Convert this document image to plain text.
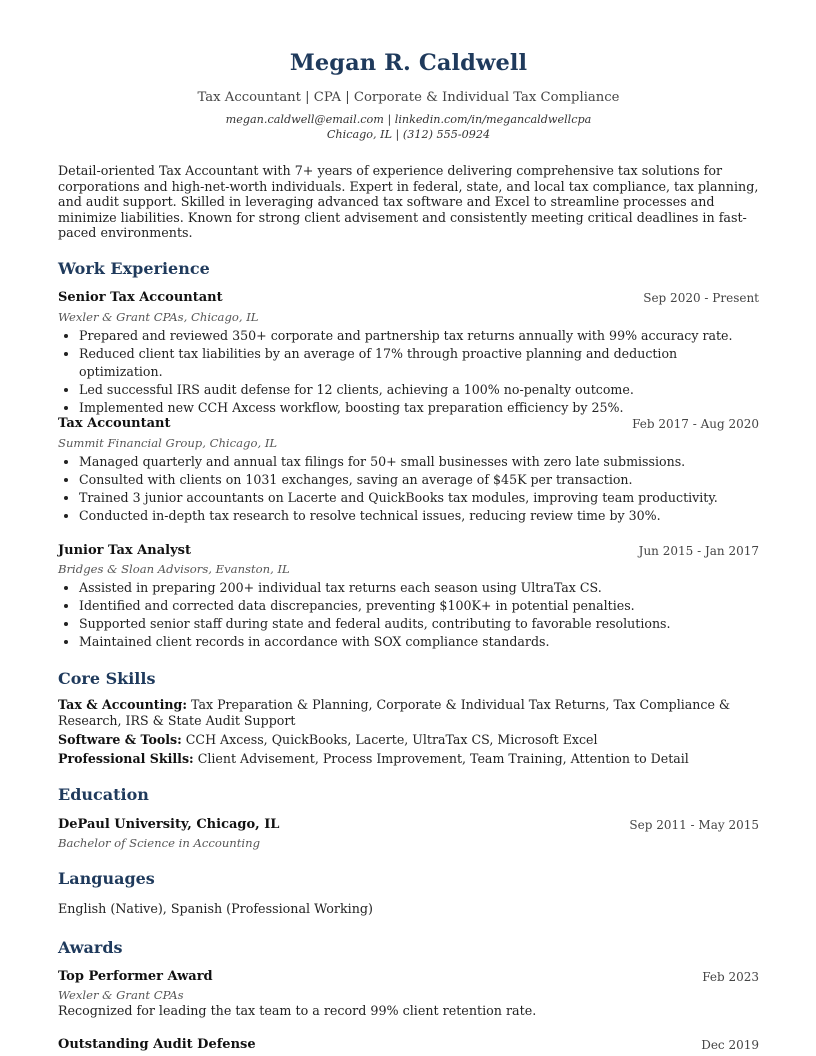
Megan R. Caldwell
Tax Accountant | CPA | Corporate & Individual Tax Compliance
megan.caldwell@email.com | linkedin.com/in/megancaldwellcpa
Chicago, IL | (312) 555-0924
Detail-oriented Tax Accountant with 7+ years of experience delivering comprehensive tax solutions for corporations and high-net-worth individuals. Expert in federal, state, and local tax compliance, tax planning, and audit support. Skilled in leveraging advanced tax software and Excel to streamline processes and minimize liabilities. Known for strong client advisement and consistently meeting critical deadlines in fast-paced environments.
Work Experience
Senior Tax Accountant	Sep 2020 - Present
Wexler & Grant CPAs, Chicago, IL
• Prepared and reviewed 350+ corporate and partnership tax returns annually with 99% accuracy rate.
• Reduced client tax liabilities by an average of 17% through proactive planning and deduction optimization.
• Led successful IRS audit defense for 12 clients, achieving a 100% no-penalty outcome.
• Implemented new CCH Axcess workflow, boosting tax preparation efficiency by 25%.
Tax Accountant	Feb 2017 - Aug 2020
Summit Financial Group, Chicago, IL
• Managed quarterly and annual tax filings for 50+ small businesses with zero late submissions.
• Consulted with clients on 1031 exchanges, saving an average of $45K per transaction.
• Trained 3 junior accountants on Lacerte and QuickBooks tax modules, improving team productivity.
• Conducted in-depth tax research to resolve technical issues, reducing review time by 30%.
Junior Tax Analyst	Jun 2015 - Jan 2017
Bridges & Sloan Advisors, Evanston, IL
• Assisted in preparing 200+ individual tax returns each season using UltraTax CS.
• Identified and corrected data discrepancies, preventing $100K+ in potential penalties.
• Supported senior staff during state and federal audits, contributing to favorable resolutions.
• Maintained client records in accordance with SOX compliance standards.
Core Skills
Tax & Accounting: Tax Preparation & Planning, Corporate & Individual Tax Returns, Tax Compliance & Research, IRS & State Audit Support
Software & Tools: CCH Axcess, QuickBooks, Lacerte, UltraTax CS, Microsoft Excel
Professional Skills: Client Advisement, Process Improvement, Team Training, Attention to Detail
Education
DePaul University, Chicago, IL	Sep 2011 - May 2015
Bachelor of Science in Accounting
Languages
English (Native), Spanish (Professional Working)
Awards
Top Performer Award	Feb 2023
Wexler & Grant CPAs
Recognized for leading the tax team to a record 99% client retention rate.
Outstanding Audit Defense	Dec 2019
